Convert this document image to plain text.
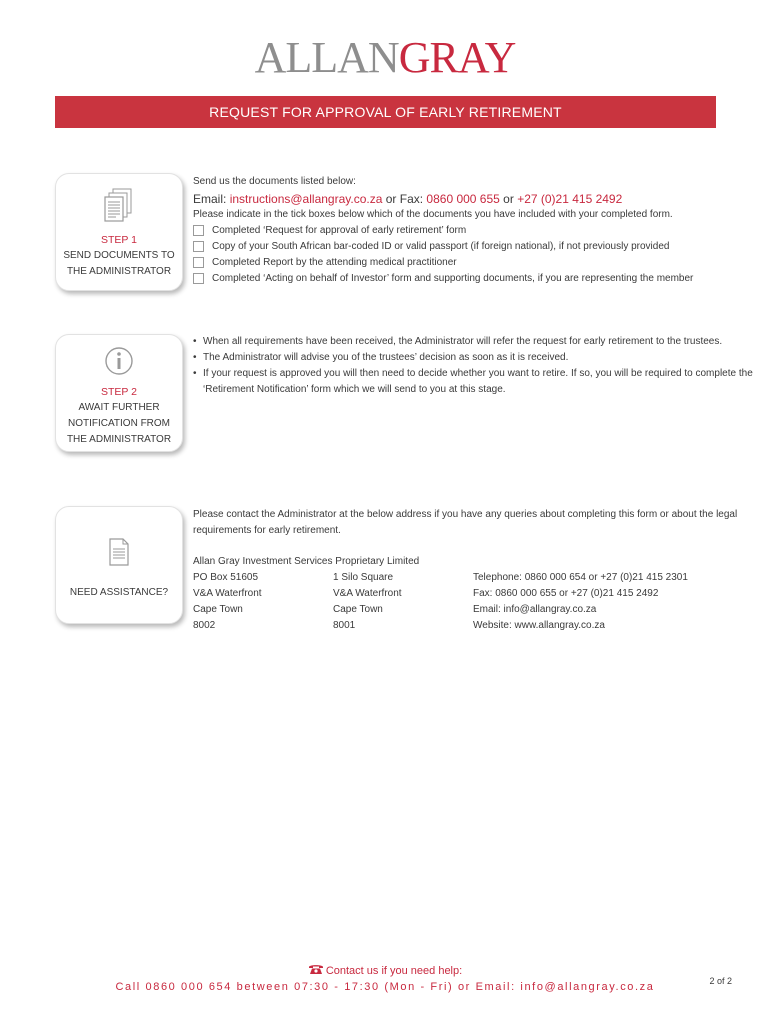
ALLANGRAY
REQUEST FOR APPROVAL OF EARLY RETIREMENT
STEP 1
SEND DOCUMENTS TO
THE ADMINISTRATOR
Send us the documents listed below:
Email: instructions@allangray.co.za or Fax: 0860 000 655 or +27 (0)21 415 2492
Please indicate in the tick boxes below which of the documents you have included with your completed form.
Completed ‘Request for approval of early retirement’ form
Copy of your South African bar-coded ID or valid passport (if foreign national), if not previously provided
Completed Report by the attending medical practitioner
Completed ‘Acting on behalf of Investor’ form and supporting documents, if you are representing the member
STEP 2
AWAIT FURTHER
NOTIFICATION FROM
THE ADMINISTRATOR
• When all requirements have been received, the Administrator will refer the request for early retirement to the trustees.
• The Administrator will advise you of the trustees’ decision as soon as it is received.
• If your request is approved you will then need to decide whether you want to retire. If so, you will be required to complete the ‘Retirement Notification’ form which we will send to you at this stage.
NEED ASSISTANCE?
Please contact the Administrator at the below address if you have any queries about completing this form or about the legal requirements for early retirement.
Allan Gray Investment Services Proprietary Limited
PO Box 51605
V&A Waterfront
Cape Town
8002
1 Silo Square
V&A Waterfront
Cape Town
8001
Telephone: 0860 000 654 or +27 (0)21 415 2301
Fax: 0860 000 655 or +27 (0)21 415 2492
Email: info@allangray.co.za
Website: www.allangray.co.za
Contact us if you need help:
Call 0860 000 654 between 07:30 - 17:30 (Mon - Fri) or Email: info@allangray.co.za	2 of 2
